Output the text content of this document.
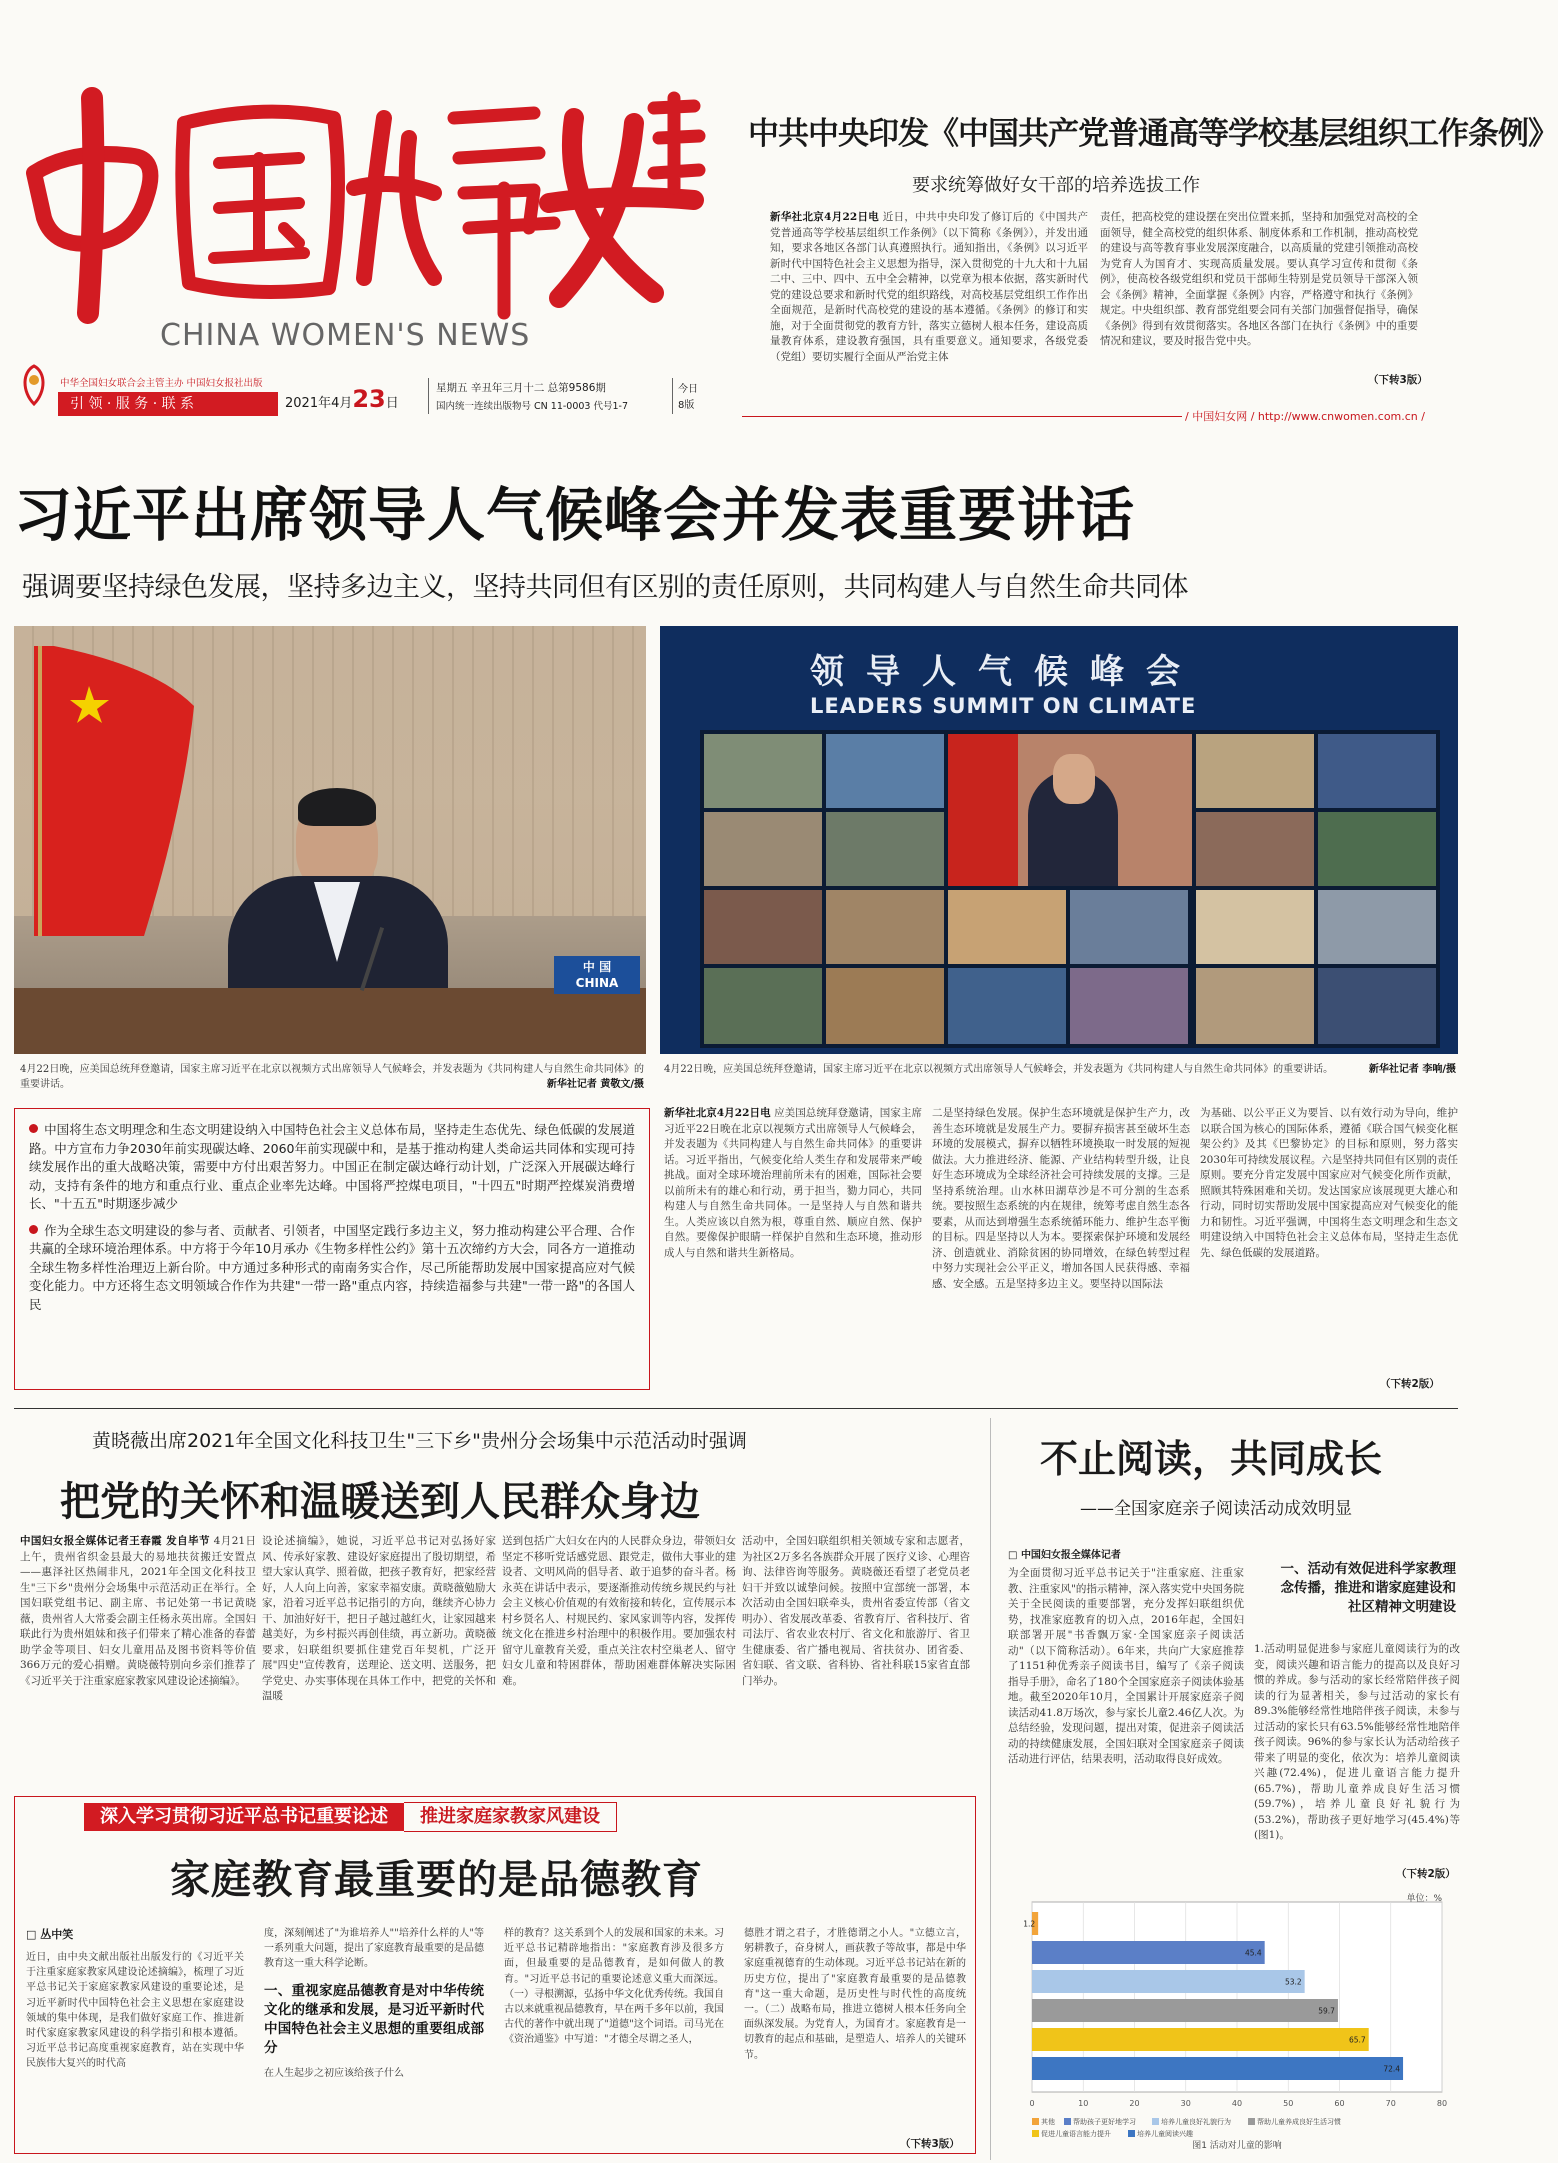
CHINA WOMEN'S NEWS
中华全国妇女联合会主管主办 中国妇女报社出版
引 领 · 服 务 · 联 系	2021年4月23日
星期五 辛丑年三月十二 总第9586期
国内统一连续出版物号 CN 11-0003 代号1-7
今日
8版
中共中央印发《中国共产党普通高等学校基层组织工作条例》
要求统筹做好女干部的培养选拔工作
新华社北京4月22日电 近日，中共中央印发了修订后的《中国共产党普通高等学校基层组织工作条例》（以下简称《条例》），并发出通知，要求各地区各部门认真遵照执行。通知指出，《条例》以习近平新时代中国特色社会主义思想为指导，深入贯彻党的十九大和十九届二中、三中、四中、五中全会精神，以党章为根本依据，落实新时代党的建设总要求和新时代党的组织路线，对高校基层党组织工作作出全面规范，是新时代高校党的建设的基本遵循。《条例》的修订和实施，对于全面贯彻党的教育方针，落实立德树人根本任务，建设高质量教育体系，建设教育强国，具有重要意义。通知要求，各级党委（党组）要切实履行全面从严治党主体
责任，把高校党的建设摆在突出位置来抓，坚持和加强党对高校的全面领导，健全高校党的组织体系、制度体系和工作机制，推动高校党的建设与高等教育事业发展深度融合，以高质量的党建引领推动高校为党育人为国育才、实现高质量发展。要认真学习宣传和贯彻《条例》，使高校各级党组织和党员干部师生特别是党员领导干部深入领会《条例》精神，全面掌握《条例》内容，严格遵守和执行《条例》规定。中央组织部、教育部党组要会同有关部门加强督促指导，确保《条例》得到有效贯彻落实。各地区各部门在执行《条例》中的重要情况和建议，要及时报告党中央。
（下转3版）
/ 中国妇女网 / http://www.cnwomen.com.cn /
习近平出席领导人气候峰会并发表重要讲话
强调要坚持绿色发展，坚持多边主义，坚持共同但有区别的责任原则，共同构建人与自然生命共同体
中 国
CHINA
领导人气候峰会
LEADERS SUMMIT ON CLIMATE
4月22日晚，应美国总统拜登邀请，国家主席习近平在北京以视频方式出席领导人气候峰会，并发表题为《共同构建人与自然生命共同体》的重要讲话。	新华社记者 黄敬文/摄
4月22日晚，应美国总统拜登邀请，国家主席习近平在北京以视频方式出席领导人气候峰会，并发表题为《共同构建人与自然生命共同体》的重要讲话。	新华社记者 李响/摄
中国将生态文明理念和生态文明建设纳入中国特色社会主义总体布局，坚持走生态优先、绿色低碳的发展道路。中方宣布力争2030年前实现碳达峰、2060年前实现碳中和，是基于推动构建人类命运共同体和实现可持续发展作出的重大战略决策，需要中方付出艰苦努力。中国正在制定碳达峰行动计划，广泛深入开展碳达峰行动，支持有条件的地方和重点行业、重点企业率先达峰。中国将严控煤电项目，"十四五"时期严控煤炭消费增长、"十五五"时期逐步减少
作为全球生态文明建设的参与者、贡献者、引领者，中国坚定践行多边主义，努力推动构建公平合理、合作共赢的全球环境治理体系。中方将于今年10月承办《生物多样性公约》第十五次缔约方大会，同各方一道推动全球生物多样性治理迈上新台阶。中方通过多种形式的南南务实合作，尽己所能帮助发展中国家提高应对气候变化能力。中方还将生态文明领域合作作为共建"一带一路"重点内容，持续造福参与共建"一带一路"的各国人民
新华社北京4月22日电 应美国总统拜登邀请，国家主席习近平22日晚在北京以视频方式出席领导人气候峰会，并发表题为《共同构建人与自然生命共同体》的重要讲话。习近平指出，气候变化给人类生存和发展带来严峻挑战。面对全球环境治理前所未有的困难，国际社会要以前所未有的雄心和行动，勇于担当，勠力同心，共同构建人与自然生命共同体。一是坚持人与自然和谐共生。人类应该以自然为根，尊重自然、顺应自然、保护自然。要像保护眼睛一样保护自然和生态环境，推动形成人与自然和谐共生新格局。
二是坚持绿色发展。保护生态环境就是保护生产力，改善生态环境就是发展生产力。要摒弃损害甚至破坏生态环境的发展模式，摒弃以牺牲环境换取一时发展的短视做法。大力推进经济、能源、产业结构转型升级，让良好生态环境成为全球经济社会可持续发展的支撑。三是坚持系统治理。山水林田湖草沙是不可分割的生态系统。要按照生态系统的内在规律，统筹考虑自然生态各要素，从而达到增强生态系统循环能力、维护生态平衡的目标。四是坚持以人为本。要探索保护环境和发展经济、创造就业、消除贫困的协同增效，在绿色转型过程中努力实现社会公平正义，增加各国人民获得感、幸福感、安全感。五是坚持多边主义。要坚持以国际法
为基础、以公平正义为要旨、以有效行动为导向，维护以联合国为核心的国际体系，遵循《联合国气候变化框架公约》及其《巴黎协定》的目标和原则，努力落实2030年可持续发展议程。六是坚持共同但有区别的责任原则。要充分肯定发展中国家应对气候变化所作贡献，照顾其特殊困难和关切。发达国家应该展现更大雄心和行动，同时切实帮助发展中国家提高应对气候变化的能力和韧性。习近平强调，中国将生态文明理念和生态文明建设纳入中国特色社会主义总体布局，坚持走生态优先、绿色低碳的发展道路。
（下转2版）
黄晓薇出席2021年全国文化科技卫生"三下乡"贵州分会场集中示范活动时强调
把党的关怀和温暖送到人民群众身边
中国妇女报全媒体记者王春霞 发自毕节 4月21日上午，贵州省织金县最大的易地扶贫搬迁安置点——惠泽社区热闹非凡，2021年全国文化科技卫生"三下乡"贵州分会场集中示范活动正在举行。全国妇联党组书记、副主席、书记处第一书记黄晓薇，贵州省人大常委会副主任杨永英出席。全国妇联此行为贵州姐妹和孩子们带来了精心准备的春蕾助学金等项目、妇女儿童用品及图书资料等价值366万元的爱心捐赠。黄晓薇特别向乡亲们推荐了《习近平关于注重家庭家教家风建设论述摘编》。
设论述摘编》，她说，习近平总书记对弘扬好家风、传承好家教、建设好家庭提出了殷切期望，希望大家认真学、照着做，把孩子教育好，把家经营好，人人向上向善，家家幸福安康。黄晓薇勉励大家，沿着习近平总书记指引的方向，继续齐心协力干、加油好好干，把日子越过越红火，让家园越来越美好，为乡村振兴再创佳绩，再立新功。黄晓薇要求，妇联组织要抓住建党百年契机，广泛开展"四史"宣传教育，送理论、送文明、送服务，把学党史、办实事体现在具体工作中，把党的关怀和温暖
送到包括广大妇女在内的人民群众身边，带领妇女坚定不移听党话感党恩、跟党走，做伟大事业的建设者、文明风尚的倡导者、敢于追梦的奋斗者。杨永英在讲话中表示，要逐渐推动传统乡规民约与社会主义核心价值观的有效衔接和转化，宣传展示本村乡贤名人、村规民约、家风家训等内容，发挥传统文化在推进乡村治理中的积极作用。要加强农村留守儿童教育关爱，重点关注农村空巢老人、留守妇女儿童和特困群体，帮助困难群体解决实际困难。
活动中，全国妇联组织相关领域专家和志愿者，为社区2万多名各族群众开展了医疗义诊、心理咨询、法律咨询等服务。黄晓薇还看望了老党员老妇干并致以诚挚问候。按照中宣部统一部署，本次活动由全国妇联牵头，贵州省委宣传部（省文明办）、省发展改革委、省教育厅、省科技厅、省司法厅、省农业农村厅、省文化和旅游厅、省卫生健康委、省广播电视局、省扶贫办、团省委、省妇联、省文联、省科协、省社科联15家省直部门举办。
不止阅读，共同成长
——全国家庭亲子阅读活动成效明显
□ 中国妇女报全媒体记者
一、活动有效促进科学家教理念传播，推进和谐家庭建设和社区精神文明建设
为全面贯彻习近平总书记关于"注重家庭、注重家教、注重家风"的指示精神，深入落实党中央国务院关于全民阅读的重要部署，充分发挥妇联组织优势，找准家庭教育的切入点，2016年起，全国妇联部署开展"书香飘万家·全国家庭亲子阅读活动"（以下简称活动）。6年来，共向广大家庭推荐了1151种优秀亲子阅读书目，编写了《亲子阅读指导手册》，命名了180个全国家庭亲子阅读体验基地。截至2020年10月，全国累计开展家庭亲子阅读活动41.8万场次，参与家长儿童2.46亿人次。为总结经验，发现问题，提出对策，促进亲子阅读活动的持续健康发展，全国妇联对全国家庭亲子阅读活动进行评估，结果表明，活动取得良好成效。
1.活动明显促进参与家庭儿童阅读行为的改变，阅读兴趣和语言能力的提高以及良好习惯的养成。参与活动的家长经常陪伴孩子阅读的行为显著相关，参与过活动的家长有89.3%能够经常性地陪伴孩子阅读，未参与过活动的家长只有63.5%能够经常性地陪伴孩子阅读。96%的参与家长认为活动给孩子带来了明显的变化，依次为：培养儿童阅读兴趣(72.4%)，促进儿童语言能力提升(65.7%)，帮助儿童养成良好生活习惯(59.7%)，培养儿童良好礼貌行为(53.2%)，帮助孩子更好地学习(45.4%)等(图1)。
（下转2版）
0	10	20	30	40	50	60	70	80
1.2
45.4
53.2
59.7
65.7
72.4
单位：%
其他	帮助孩子更好地学习	培养儿童良好礼貌行为	帮助儿童养成良好生活习惯
促进儿童语言能力提升	培养儿童阅读兴趣
图1 活动对儿童的影响
深入学习贯彻习近平总书记重要论述 推进家庭家教家风建设
家庭教育最重要的是品德教育
□ 丛中笑
近日，由中央文献出版社出版发行的《习近平关于注重家庭家教家风建设论述摘编》，梳理了习近平总书记关于家庭家教家风建设的重要论述，是习近平新时代中国特色社会主义思想在家庭建设领域的集中体现，是我们做好家庭工作、推进新时代家庭家教家风建设的科学指引和根本遵循。习近平总书记高度重视家庭教育，站在实现中华民族伟大复兴的时代高
度，深刻阐述了"为谁培养人""培养什么样的人"等一系列重大问题，提出了家庭教育最重要的是品德教育这一重大科学论断。
一、重视家庭品德教育是对中华传统文化的继承和发展，是习近平新时代中国特色社会主义思想的重要组成部分
在人生起步之初应该给孩子什么
样的教育？这关系到个人的发展和国家的未来。习近平总书记精辟地指出："家庭教育涉及很多方面，但最重要的是品德教育，是如何做人的教育。"习近平总书记的重要论述意义重大而深远。（一）寻根溯源，弘扬中华文化优秀传统。我国自古以来就重视品德教育，早在两千多年以前，我国古代的著作中就出现了"道德"这个词语。司马光在《资治通鉴》中写道："才德全尽谓之圣人，
德胜才谓之君子，才胜德谓之小人。"立德立言，躬耕教子，奋身树人，画荻教子等故事，都是中华家庭重视德育的生动体现。习近平总书记站在新的历史方位，提出了"家庭教育最重要的是品德教育"这一重大命题，是历史性与时代性的高度统一。（二）战略布局，推进立德树人根本任务向全面纵深发展。为党育人，为国育才。家庭教育是一切教育的起点和基础，是塑造人、培养人的关键环节。
（下转3版）
